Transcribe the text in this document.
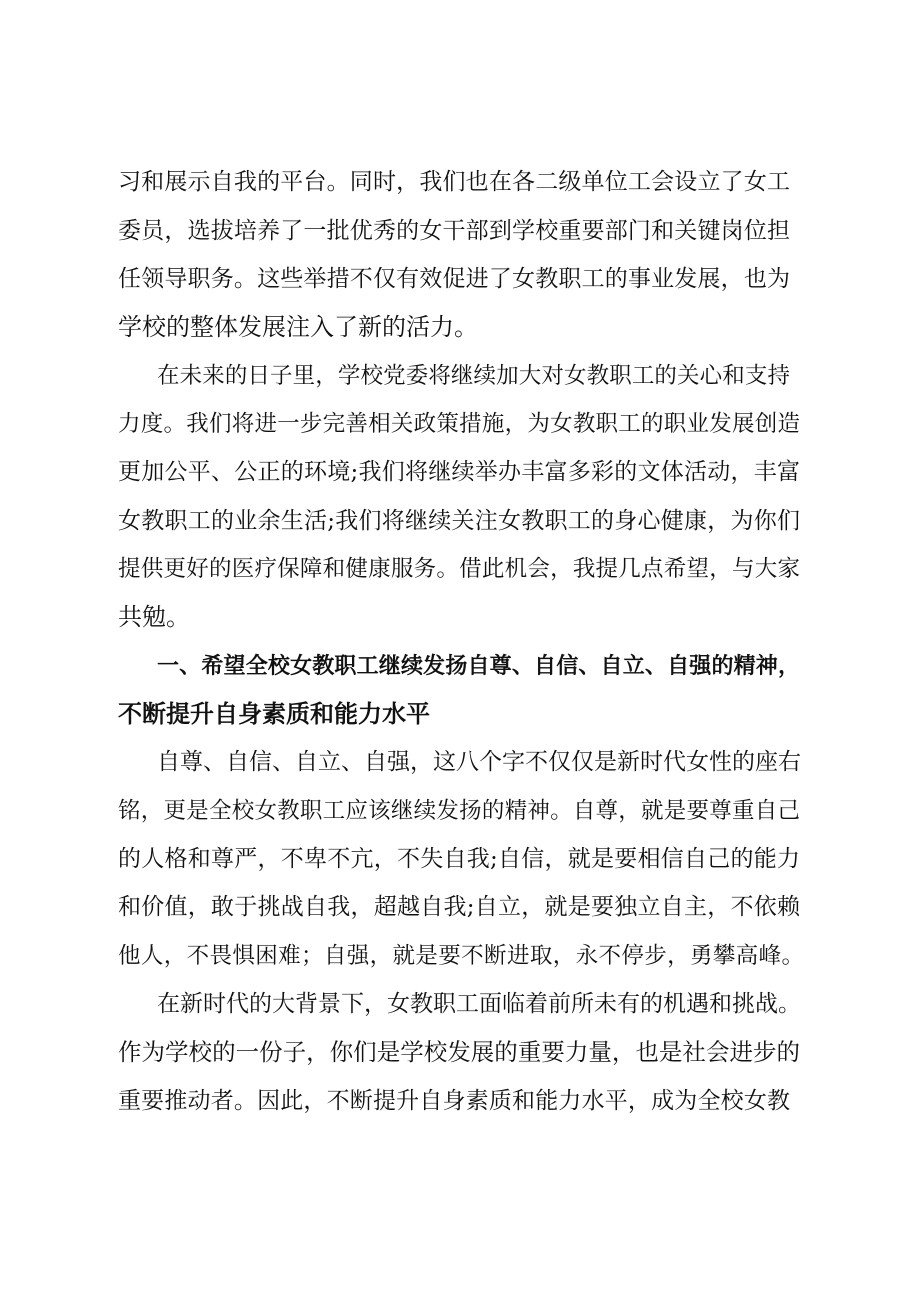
习和展示自我的平台。同时，我们也在各二级单位工会设立了女工
委员，选拔培养了一批优秀的女干部到学校重要部门和关键岗位担
任领导职务。这些举措不仅有效促进了女教职工的事业发展，也为
学校的整体发展注入了新的活力。
在未来的日子里，学校党委将继续加大对女教职工的关心和支持
力度。我们将进一步完善相关政策措施，为女教职工的职业发展创造
更加公平、公正的环境;我们将继续举办丰富多彩的文体活动，丰富
女教职工的业余生活;我们将继续关注女教职工的身心健康，为你们
提供更好的医疗保障和健康服务。借此机会，我提几点希望，与大家
共勉。
一、希望全校女教职工继续发扬自尊、自信、自立、自强的精神，
不断提升自身素质和能力水平
自尊、自信、自立、自强，这八个字不仅仅是新时代女性的座右
铭，更是全校女教职工应该继续发扬的精神。自尊，就是要尊重自己
的人格和尊严，不卑不亢，不失自我;自信，就是要相信自己的能力
和价值，敢于挑战自我，超越自我;自立，就是要独立自主，不依赖
他人，不畏惧困难；自强，就是要不断进取，永不停步，勇攀高峰。
在新时代的大背景下，女教职工面临着前所未有的机遇和挑战。
作为学校的一份子，你们是学校发展的重要力量，也是社会进步的
重要推动者。因此，不断提升自身素质和能力水平，成为全校女教
